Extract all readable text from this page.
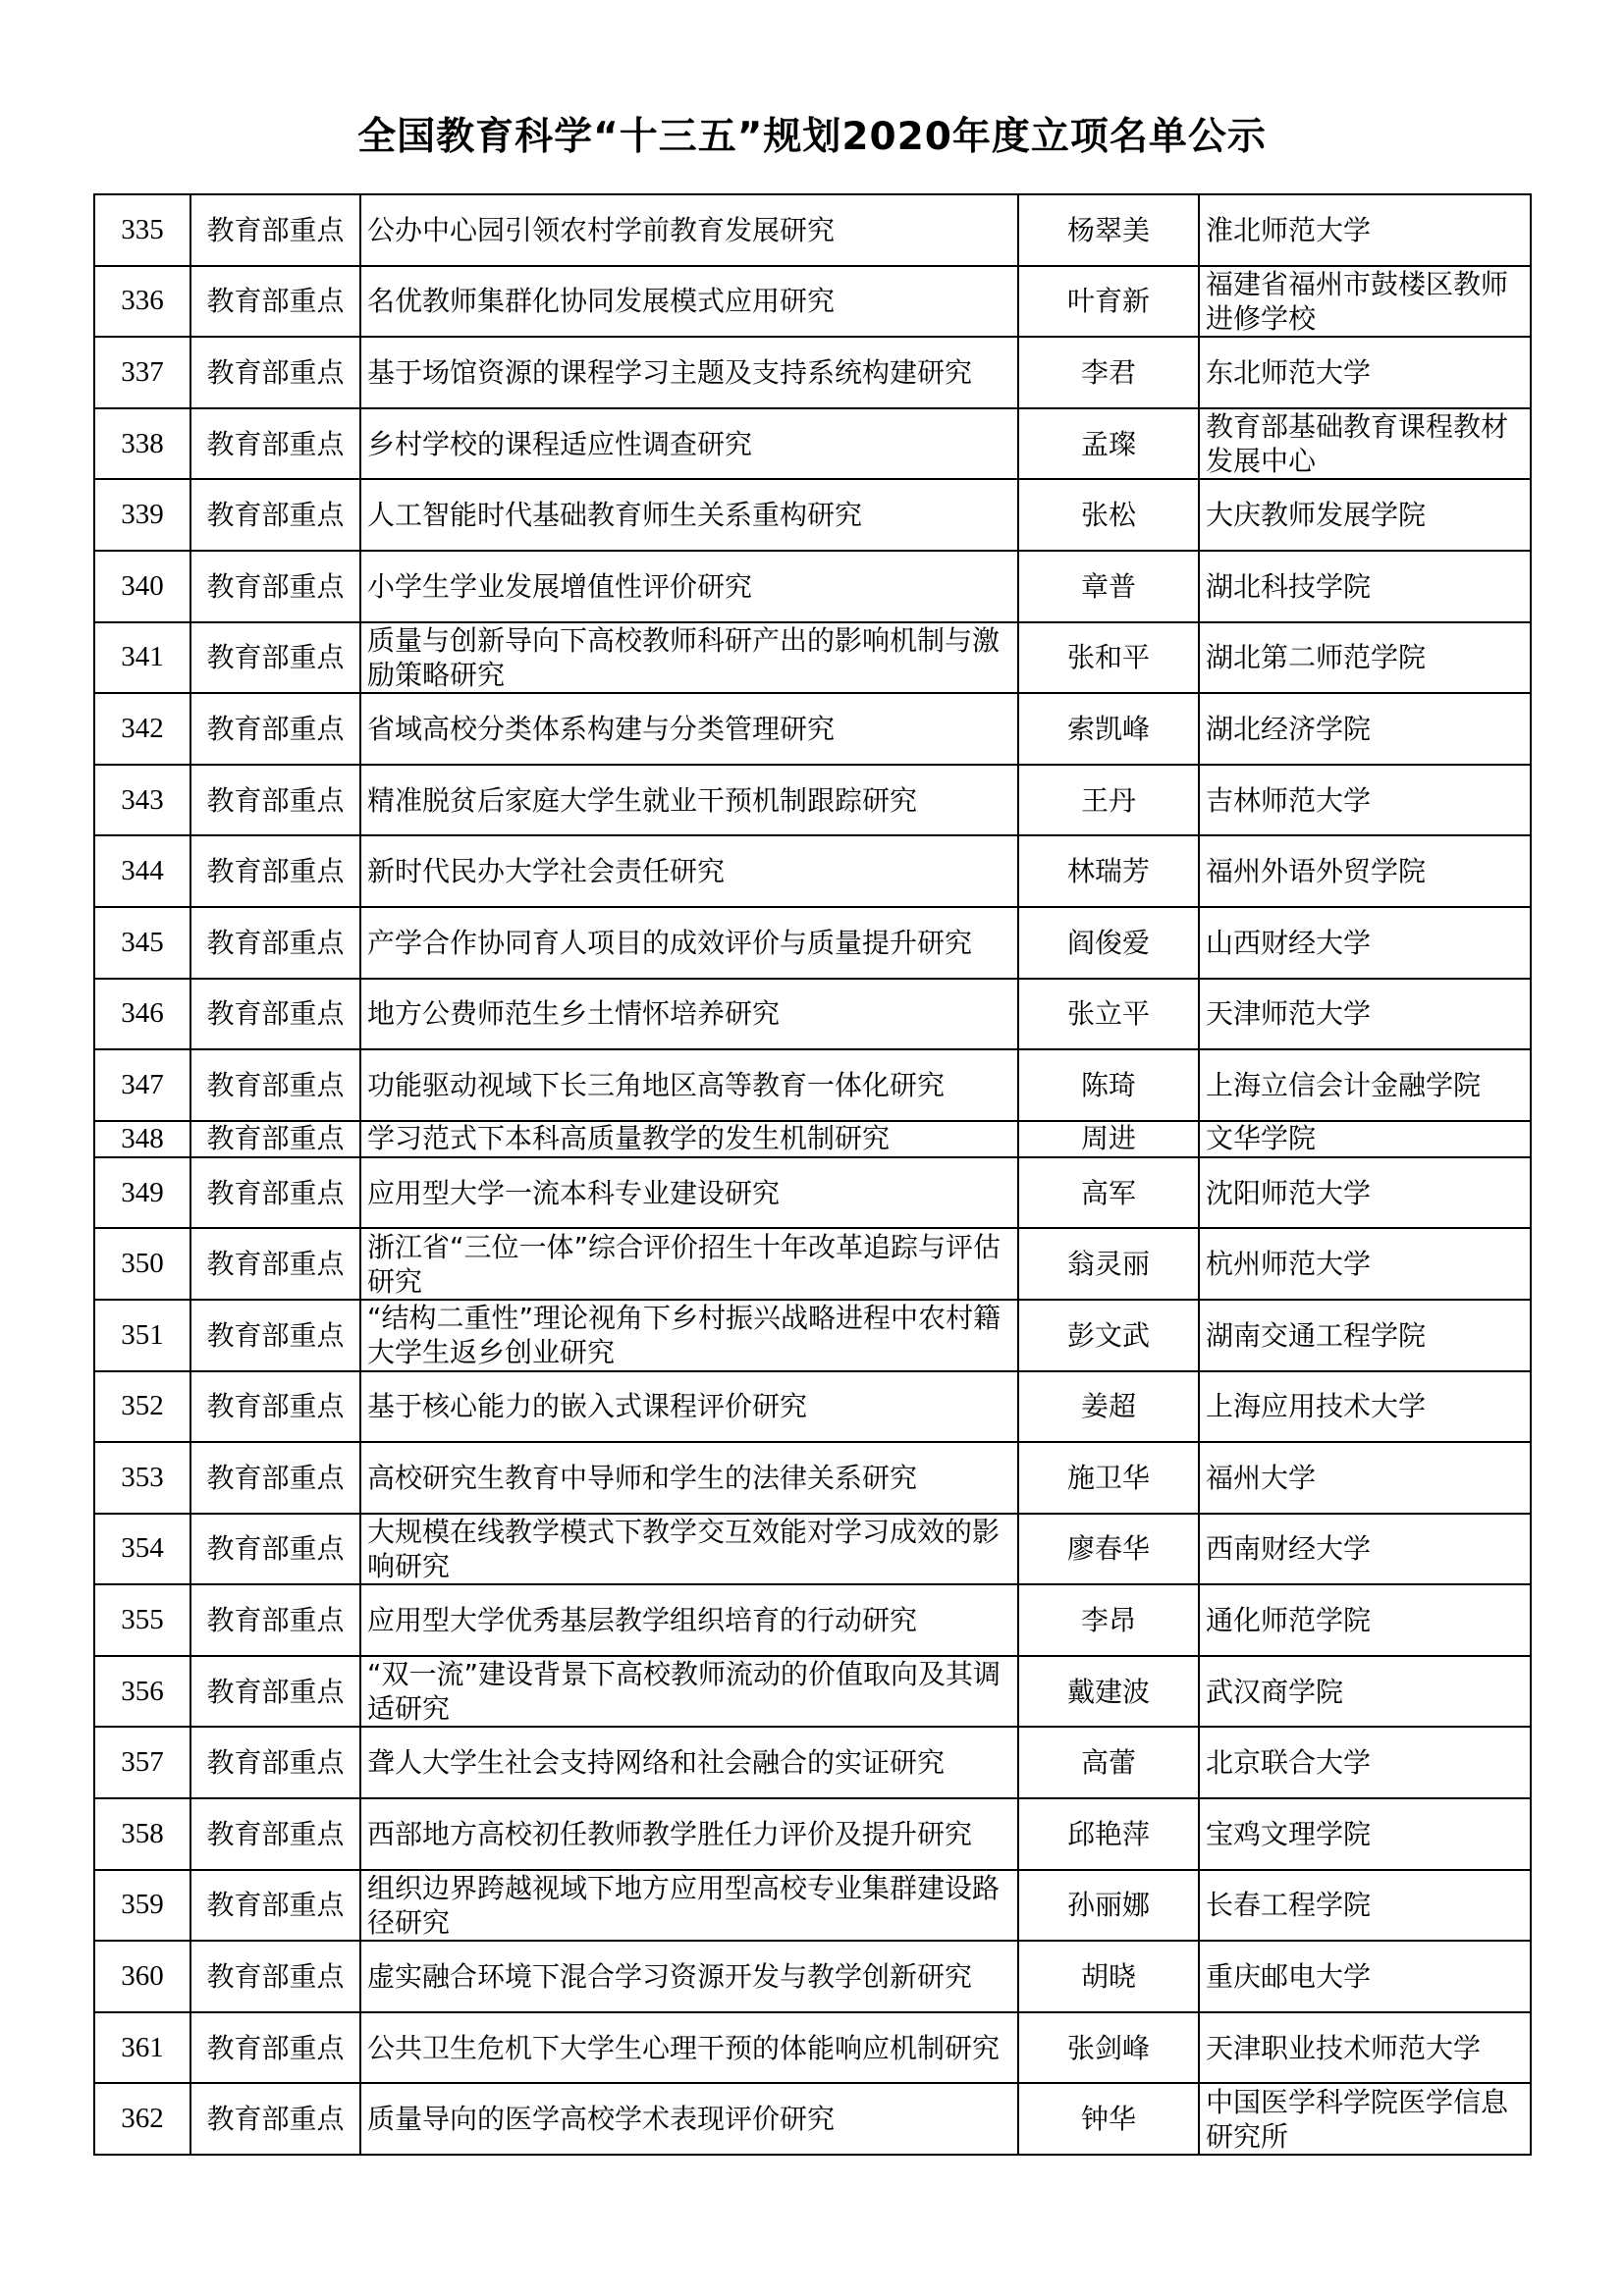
全国教育科学“十三五”规划2020年度立项名单公示
335	教育部重点	公办中心园引领农村学前教育发展研究	杨翠美	淮北师范大学
336	教育部重点	名优教师集群化协同发展模式应用研究	叶育新	福建省福州市鼓楼区教师进修学校
337	教育部重点	基于场馆资源的课程学习主题及支持系统构建研究	李君	东北师范大学
338	教育部重点	乡村学校的课程适应性调查研究	孟璨	教育部基础教育课程教材发展中心
339	教育部重点	人工智能时代基础教育师生关系重构研究	张松	大庆教师发展学院
340	教育部重点	小学生学业发展增值性评价研究	章普	湖北科技学院
341	教育部重点	质量与创新导向下高校教师科研产出的影响机制与激励策略研究	张和平	湖北第二师范学院
342	教育部重点	省域高校分类体系构建与分类管理研究	索凯峰	湖北经济学院
343	教育部重点	精准脱贫后家庭大学生就业干预机制跟踪研究	王丹	吉林师范大学
344	教育部重点	新时代民办大学社会责任研究	林瑞芳	福州外语外贸学院
345	教育部重点	产学合作协同育人项目的成效评价与质量提升研究	阎俊爱	山西财经大学
346	教育部重点	地方公费师范生乡土情怀培养研究	张立平	天津师范大学
347	教育部重点	功能驱动视域下长三角地区高等教育一体化研究	陈琦	上海立信会计金融学院
348	教育部重点	学习范式下本科高质量教学的发生机制研究	周进	文华学院
349	教育部重点	应用型大学一流本科专业建设研究	高军	沈阳师范大学
350	教育部重点	浙江省“三位一体”综合评价招生十年改革追踪与评估研究	翁灵丽	杭州师范大学
351	教育部重点	“结构二重性”理论视角下乡村振兴战略进程中农村籍大学生返乡创业研究	彭文武	湖南交通工程学院
352	教育部重点	基于核心能力的嵌入式课程评价研究	姜超	上海应用技术大学
353	教育部重点	高校研究生教育中导师和学生的法律关系研究	施卫华	福州大学
354	教育部重点	大规模在线教学模式下教学交互效能对学习成效的影响研究	廖春华	西南财经大学
355	教育部重点	应用型大学优秀基层教学组织培育的行动研究	李昂	通化师范学院
356	教育部重点	“双一流”建设背景下高校教师流动的价值取向及其调适研究	戴建波	武汉商学院
357	教育部重点	聋人大学生社会支持网络和社会融合的实证研究	高蕾	北京联合大学
358	教育部重点	西部地方高校初任教师教学胜任力评价及提升研究	邱艳萍	宝鸡文理学院
359	教育部重点	组织边界跨越视域下地方应用型高校专业集群建设路径研究	孙丽娜	长春工程学院
360	教育部重点	虚实融合环境下混合学习资源开发与教学创新研究	胡晓	重庆邮电大学
361	教育部重点	公共卫生危机下大学生心理干预的体能响应机制研究	张剑峰	天津职业技术师范大学
362	教育部重点	质量导向的医学高校学术表现评价研究	钟华	中国医学科学院医学信息研究所
